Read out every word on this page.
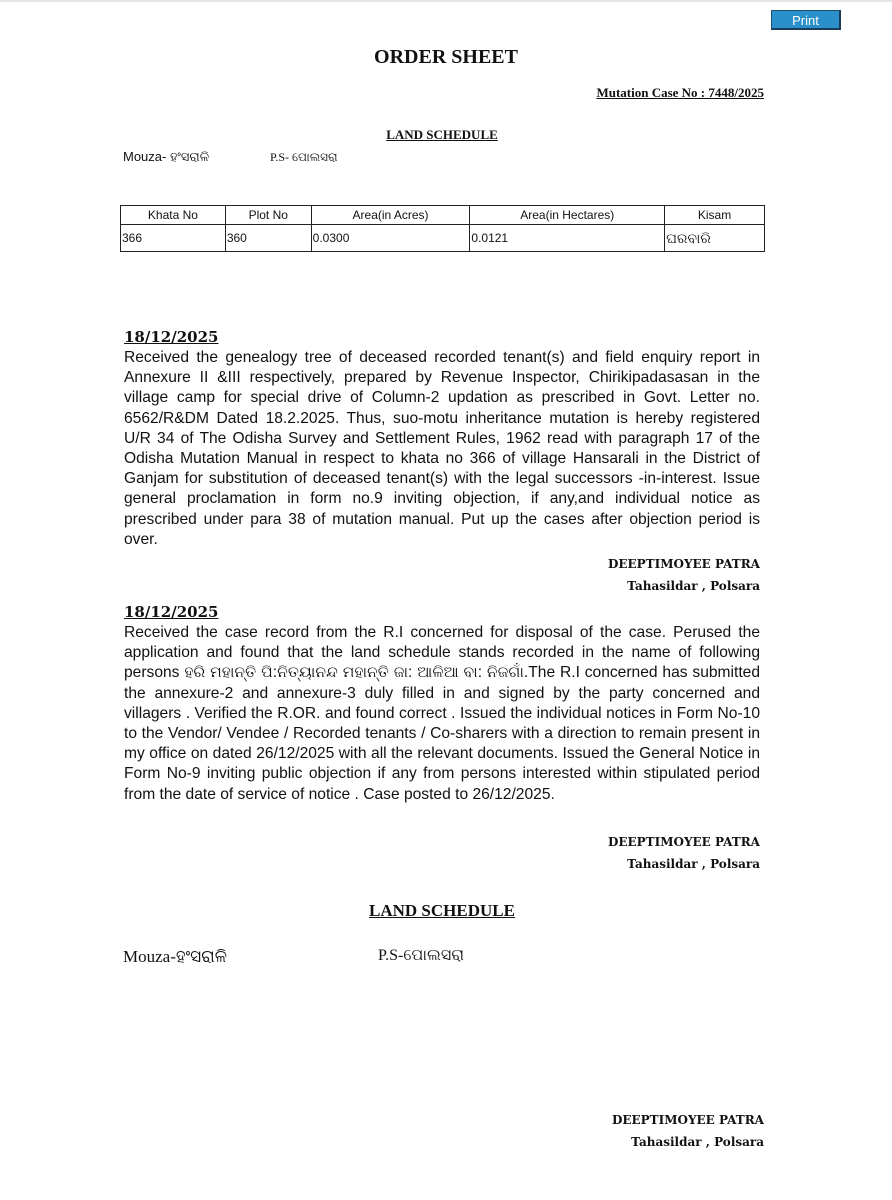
Print
ORDER SHEET
Mutation Case No : 7448/2025
LAND SCHEDULE
Mouza- ହଂସରାଳି	P.S- ପୋଲସରା
Khata No	Plot No	Area(in Acres)	Area(in Hectares)	Kisam
366	360	0.0300	0.0121	ଘରବାରି
18/12/2025

Received the genealogy tree of deceased recorded tenant(s) and field enquiry report in Annexure II &III respectively, prepared by Revenue Inspector, Chirikipadasasan in the village camp for special drive of Column-2 updation as prescribed in Govt. Letter no. 6562/R&DM Dated 18.2.2025. Thus, suo-motu inheritance mutation is hereby registered U/R 34 of The Odisha Survey and Settlement Rules, 1962 read with paragraph 17 of the Odisha Mutation Manual in respect to khata no 366 of village Hansarali in the District of Ganjam for substitution of deceased tenant(s) with the legal successors -in-interest. Issue general proclamation in form no.9 inviting objection, if any,and individual notice as prescribed under para 38 of mutation manual. Put up the cases after objection period is over.

DEEPTIMOYEE PATRA
Tahasildar , Polsara
18/12/2025

Received the case record from the R.I concerned for disposal of the case. Perused the application and found that the land schedule stands recorded in the name of following persons ହରି ମହାନ୍ତି ପି:ନିତ୍ୟାନନ୍ଦ ମହାନ୍ତି ଜା: ଆଳିଆ ବା: ନିଜଗାଁ.The R.I concerned has submitted the annexure-2 and annexure-3 duly filled in and signed by the party concerned and villagers . Verified the R.OR. and found correct . Issued the individual notices in Form No-10 to the Vendor/ Vendee / Recorded tenants / Co-sharers with a direction to remain present in my office on dated 26/12/2025 with all the relevant documents. Issued the General Notice in Form No-9 inviting public objection if any from persons interested within stipulated period from the date of service of notice . Case posted to 26/12/2025.

DEEPTIMOYEE PATRA
Tahasildar , Polsara
LAND SCHEDULE
Mouza-ହଂସରାଳି	P.S-ପୋଲସରା
DEEPTIMOYEE PATRA
Tahasildar , Polsara
